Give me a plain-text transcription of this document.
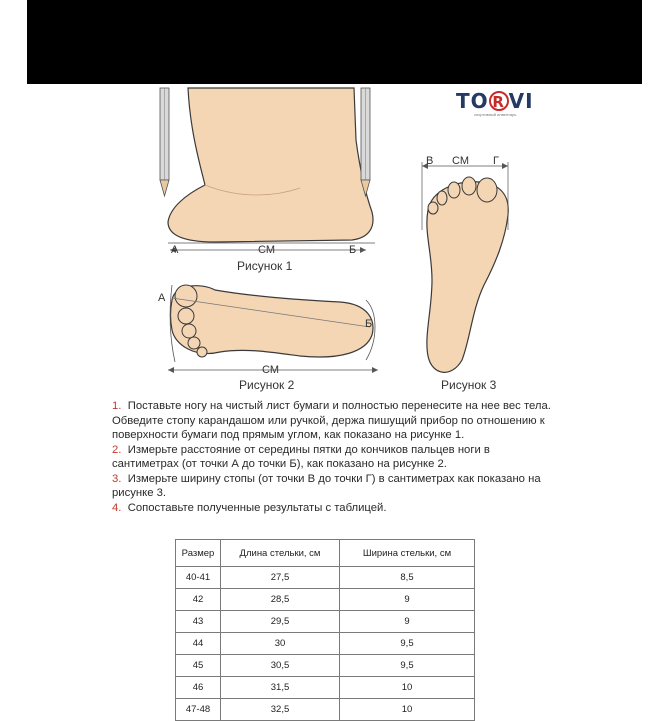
TO R VI
спортивный инвентарь
А	СМ	Б
Рисунок 1
А
Б
СМ
Рисунок 2
В СМ Г
Рисунок 3

1. Поставьте ногу на чистый лист бумаги и полностью перенесите на нее вес тела. Обведите стопу карандашом или ручкой, держа пишущий прибор по отношению к поверхности бумаги под прямым углом, как показано на рисунке 1.

2. Измерьте расстояние от середины пятки до кончиков пальцев ноги в сантиметрах (от точки А до точки Б), как показано на рисунке 2.

3. Измерьте ширину стопы (от точки В до точки Г) в сантиметрах как показано на рисунке 3.

4. Сопоставьте полученные результаты с таблицей.

Размер	Длина стельки, см	Ширина стельки, см
40-41	27,5	8,5
42	28,5	9
43	29,5	9
44	30	9,5
45	30,5	9,5
46	31,5	10
47-48	32,5	10
